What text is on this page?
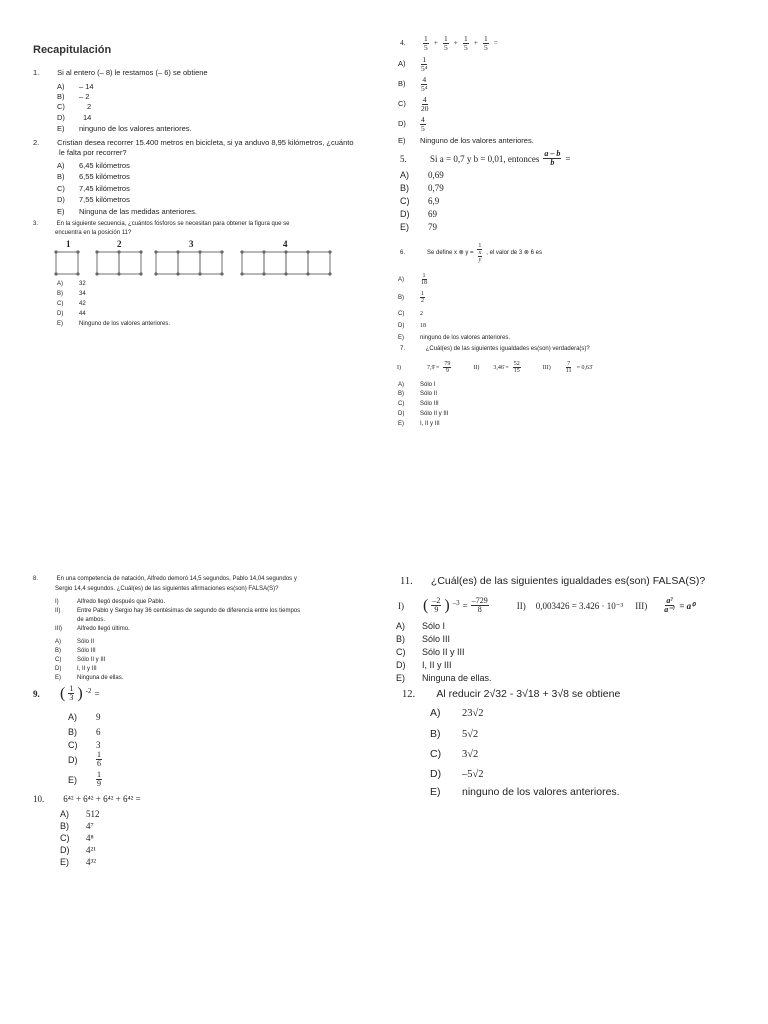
Recapitulación
1. Si al entero (– 8) le restamos (– 6) se obtiene
A) – 14
B) – 2
C)	2
D) 14
E) ninguno de los valores anteriores.
2. Cristian desea recorrer 15.400 metros en bicicleta, si ya anduvo 8,95 kilómetros, ¿cuánto
le falta por recorrer?
A) 6,45 kilómetros
B) 6,55 kilómetros
C) 7,45 kilómetros
D) 7,55 kilómetros
E) Ninguna de las medidas anteriores.
3.	En la siguiente secuencia, ¿cuántos fósforos se necesitan para obtener la figura que se
encuentra en la posición 11?
1	2	3	4
A)	32
B)	34
C)	42
D)	44
E)	Ninguno de los valores anteriores.
4.	$\frac{1}{5} + \frac{1}{5} + \frac{1}{5} + \frac{1}{5}$ =
A)	$\frac{1}{\text{5⁴}}$
B)	$\frac{4}{\text{5⁴}}$
C)	$\frac{4}{20}$
D)	$\frac{4}{5}$
E) Ninguno de los valores anteriores.
5.	Si a = 0,7 y b = 0,01, entonces $\frac{a - b}{b}$ =
A) 0,69
B) 0,79
C) 6,9
D) 69
E) 79
6.	Se define x ⊗ $y = \frac{1}{\frac{x}{y}}$ , el valor de 3 ⊗ 6 es
A)	$\frac{1}{18}$
B)	$\frac{1}{2}$
C)	2
D)	18
E)	ninguno de los valores anteriores.
7.	¿Cuál(es) de las siguientes igualdades es(son) verdadera(s)?
I)	7,9̄ = $\frac{79}{9}$	II) 3,46̄ = $\frac{52}{15}$	$III) \frac{7}{11}$ = 0,63̄
A)	Sólo I
B)	Sólo II
C)	Sólo III
D)	Sólo II y III
E)	I, II y III
8.	En una competencia de natación, Alfredo demoró 14,5 segundos, Pablo 14,04 segundos y
Sergio 14,4 segundos. ¿Cuál(es) de las siguientes afirmaciones es(son) FALSA(S)?
I)	Alfredo llegó después que Pablo.
II)	Entre Pablo y Sergio hay 36 centésimas de segundo de diferencia entre los tiempos
de ambos.
III)	Alfredo llegó último.
A)	Sólo II
B)	Sólo III
C)	Sólo II y III
D)	I, II y III
E)	Ninguna de ellas.
9.	( $\frac{1}{3}$ ) $^{-2}$ =
A) 9
B) 6
C) 3
D)	$\frac{1}{6}$
E)	$\frac{1}{9}$
10. 6⁴² + 6⁴² + 6⁴² + 6⁴² =
A) 512
B) 4⁷
C) 4⁸
D) 4²¹
E) 4³²
11. ¿Cuál(es) de las siguientes igualdades es(son) FALSA(S)?
I)	( $\frac{-2}{9}$ ) $^{-3} = \frac{-729}{8}$	II) 0,003426 = 3.426 · 10⁻³ $III) \frac{\text{a⁷}}{\text{a⁻⁷}} = a^0$
A) Sólo I
B) Sólo III
C) Sólo II y III
D) I, II y III
E) Ninguna de ellas.
12. Al reducir 2√32 - 3√18 + 3√8 se obtiene
A) 23√2
B) 5√2
C) 3√2
D) –5√2
E) ninguno de los valores anteriores.
